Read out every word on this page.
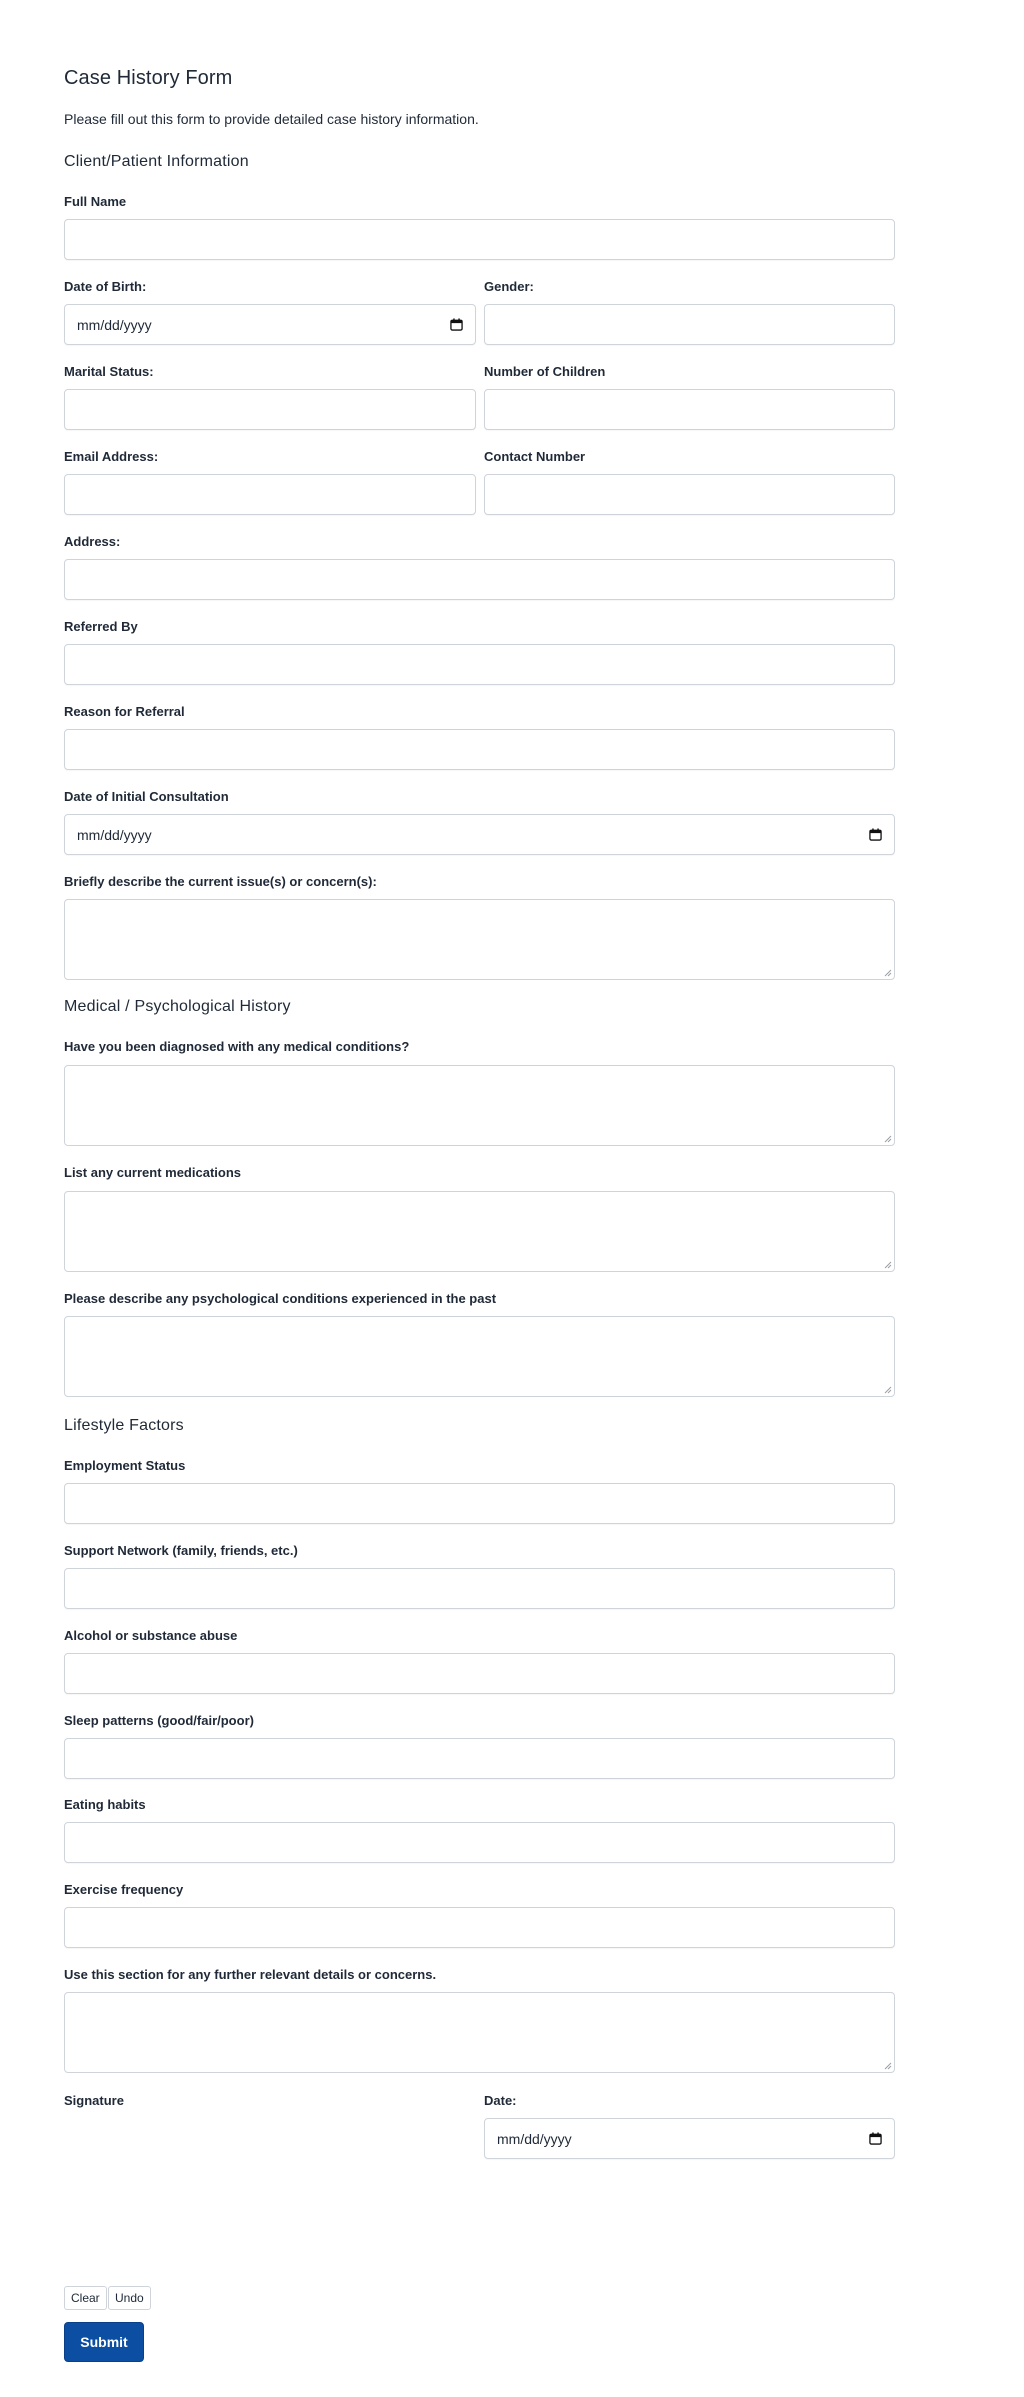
Case History Form

Please fill out this form to provide detailed case history information.

Client/Patient Information
Full Name
Date of Birth:
mm/dd/yyyy
Gender:
Marital Status:	Number of Children
Email Address:	Contact Number
Address:
Referred By
Reason for Referral
Date of Initial Consultation
mm/dd/yyyy
Briefly describe the current issue(s) or concern(s):
Medical / Psychological History
Have you been diagnosed with any medical conditions?
List any current medications
Please describe any psychological conditions experienced in the past
Lifestyle Factors
Employment Status
Support Network (family, friends, etc.)
Alcohol or substance abuse
Sleep patterns (good/fair/poor)
Eating habits
Exercise frequency
Use this section for any further relevant details or concerns.
Signature	Date:
mm/dd/yyyy
Clear	Undo
Submit
